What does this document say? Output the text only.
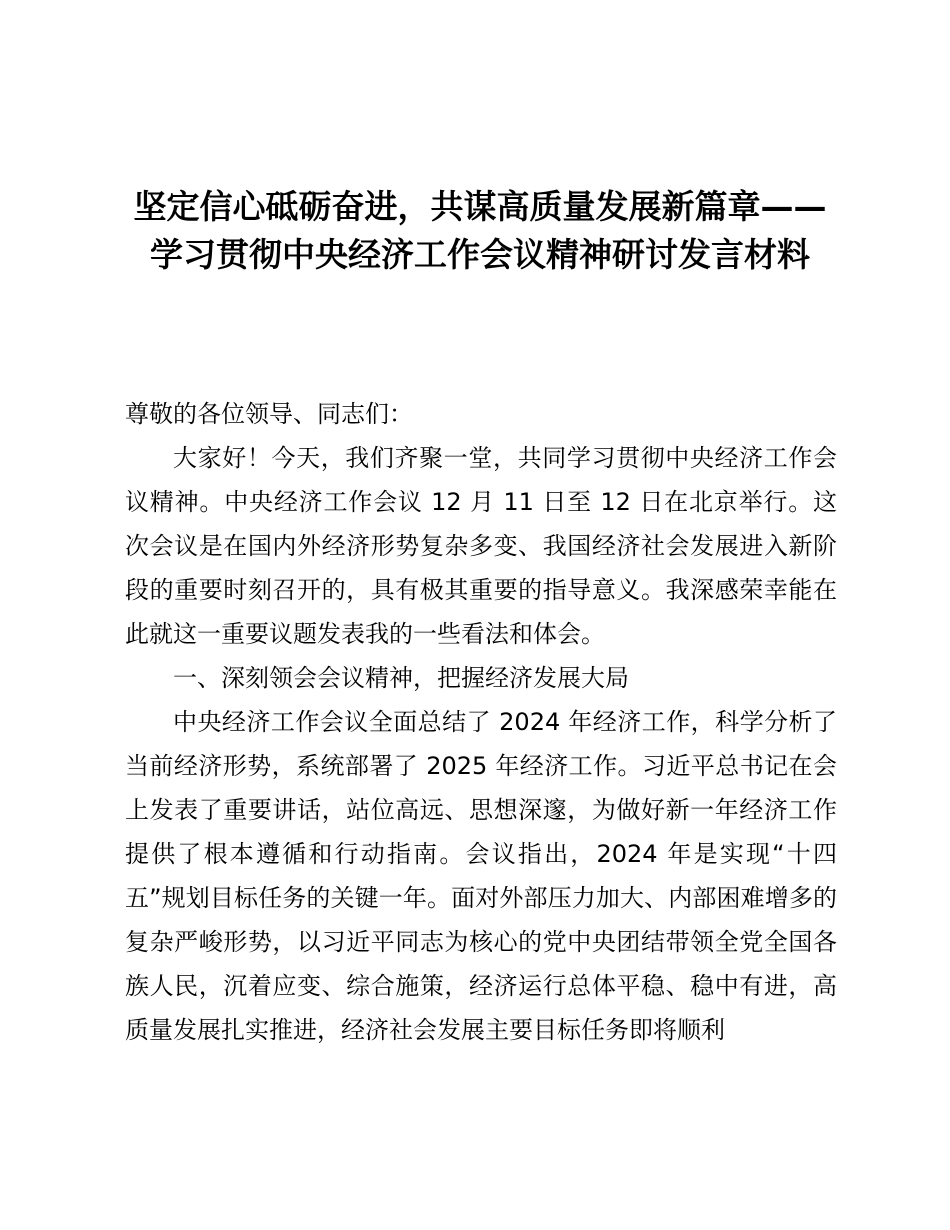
坚定信心砥砺奋进，共谋高质量发展新篇章——学习贯彻中央经济工作会议精神研讨发言材料

尊敬的各位领导、同志们：

大家好！今天，我们齐聚一堂，共同学习贯彻中央经济工作会议精神。中央经济工作会议 12 月 11 日至 12 日在北京举行。这次会议是在国内外经济形势复杂多变、我国经济社会发展进入新阶段的重要时刻召开的，具有极其重要的指导意义。我深感荣幸能在此就这一重要议题发表我的一些看法和体会。

一、深刻领会会议精神，把握经济发展大局

中央经济工作会议全面总结了 2024 年经济工作，科学分析了当前经济形势，系统部署了 2025 年经济工作。习近平总书记在会上发表了重要讲话，站位高远、思想深邃，为做好新一年经济工作提供了根本遵循和行动指南。会议指出，2024 年是实现“十四五”规划目标任务的关键一年。面对外部压力加大、内部困难增多的复杂严峻形势，以习近平同志为核心的党中央团结带领全党全国各族人民，沉着应变、综合施策，经济运行总体平稳、稳中有进，高质量发展扎实推进，经济社会发展主要目标任务即将顺利
